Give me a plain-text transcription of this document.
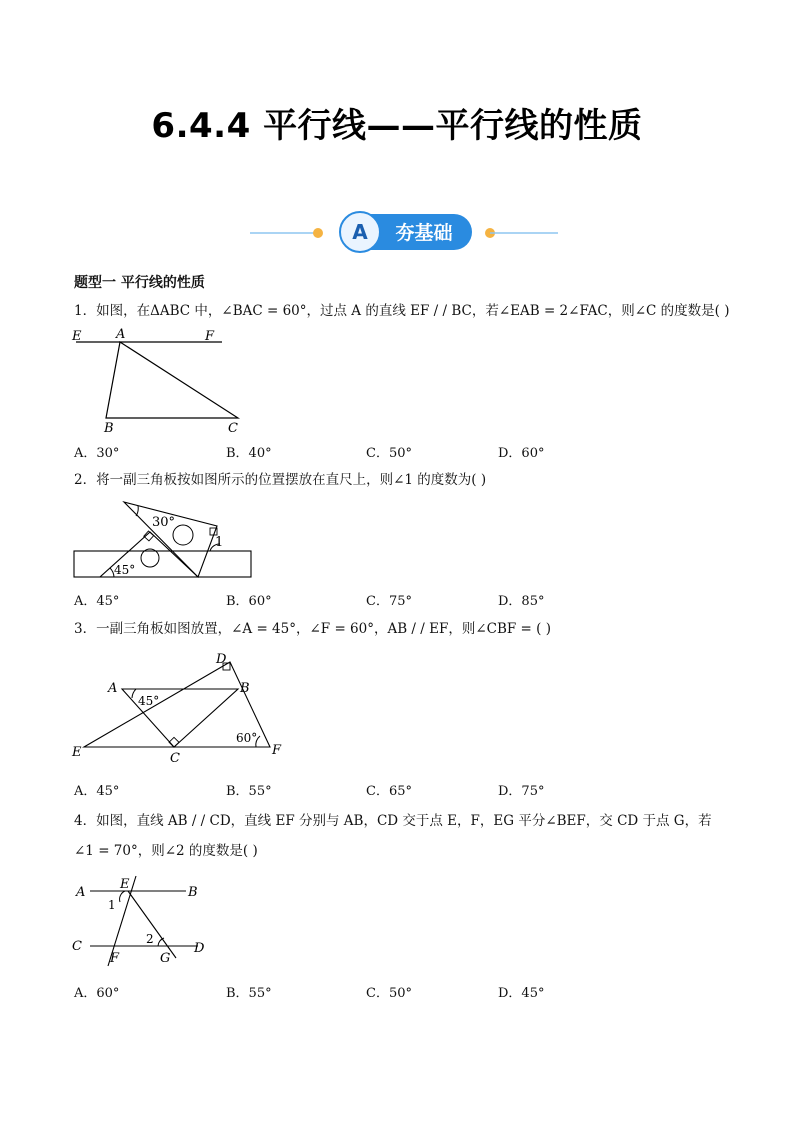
6.4.4 平行线——平行线的性质
A 夯基础
题型一 平行线的性质
1．如图，在ΔABC 中，∠BAC = 60°，过点 A 的直线 EF / / BC，若∠EAB = 2∠FAC，则∠C 的度数是( )
E	A	F
B	C
A．30°	B．40°	C．50°	D．60°
2．将一副三角板按如图所示的位置摆放在直尺上，则∠1 的度数为( )
30°
1
45°
A．45°	B．60°	C．75°	D．85°
3．一副三角板如图放置，∠A = 45°，∠F = 60°，AB / / EF，则∠CBF = ( )
D
A	B
45°
60°
E	C
F
A．45°	B．55°	C．65°	D．75°
4．如图，直线 AB / / CD，直线 EF 分别与 AB，CD 交于点 E，F，EG 平分∠BEF，交 CD 于点 G，若
∠1 = 70°，则∠2 的度数是( )
A
E
B
1
C	2
D
F	G
A．60°	B．55°	C．50°	D．45°
